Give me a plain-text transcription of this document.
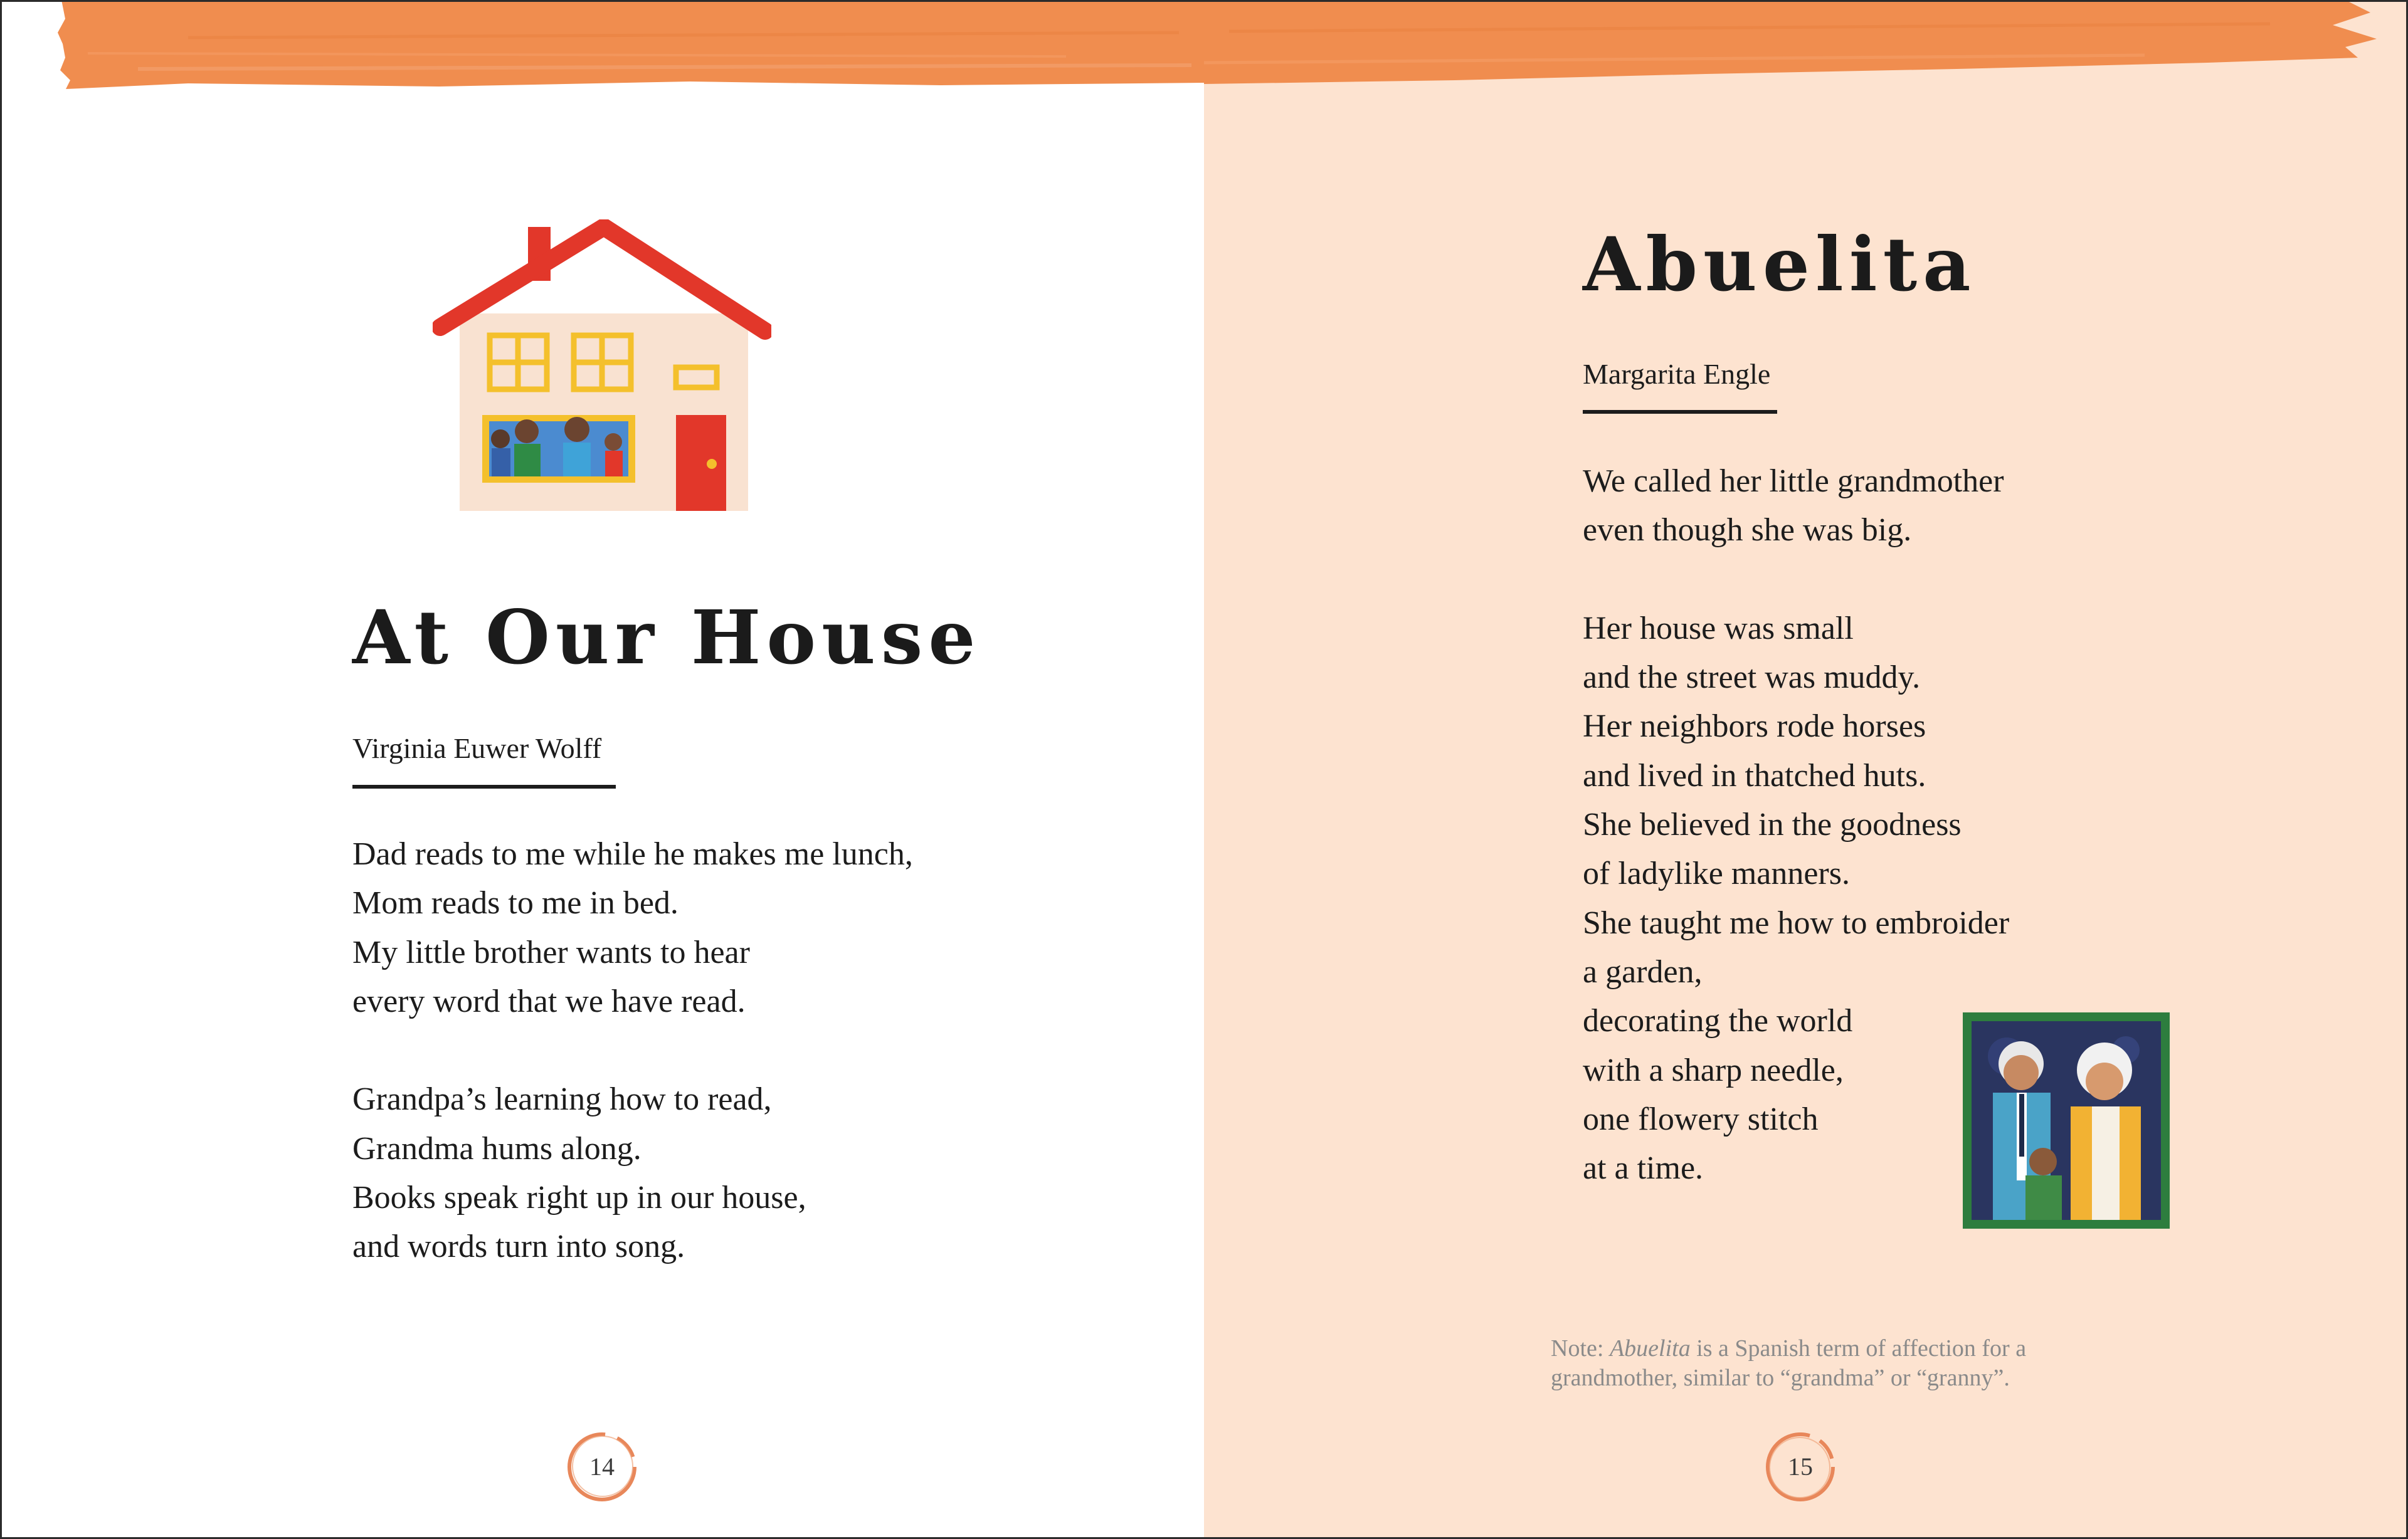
At Our House
Virginia Euwer Wolff
Dad reads to me while he makes me lunch,
Mom reads to me in bed.
My little brother wants to hear
every word that we have read.
Grandpa’s learning how to read,
Grandma hums along.
Books speak right up in our house,
and words turn into song.
14
Abuelita
Margarita Engle
We called her little grandmother
even though she was big.
Her house was small
and the street was muddy.
Her neighbors rode horses
and lived in thatched huts.
She believed in the goodness
of ladylike manners.
She taught me how to embroider
a garden,
decorating the world
with a sharp needle,
one flowery stitch
at a time.
Note: Abuelita is a Spanish term of affection for a
grandmother, similar to “grandma” or “granny”.
15
